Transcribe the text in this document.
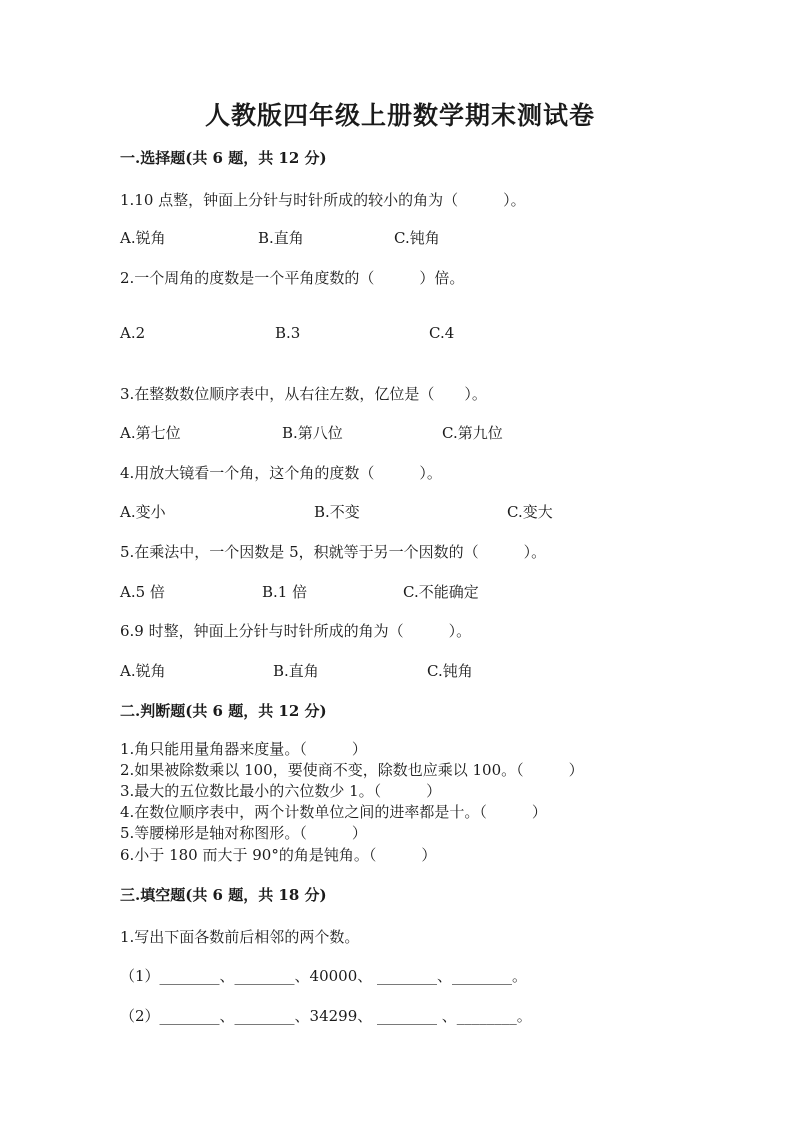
人教版四年级上册数学期末测试卷
一.选择题(共 6 题，共 12 分)
1.10 点整，钟面上分针与时针所成的较小的角为（　　　）。
A.锐角	B.直角	C.钝角
2.一个周角的度数是一个平角度数的（　　　）倍。
A.2	B.3	C.4
3.在整数数位顺序表中，从右往左数，亿位是（　　）。
A.第七位	B.第八位	C.第九位
4.用放大镜看一个角，这个角的度数（　　　）。
A.变小	B.不变	C.变大
5.在乘法中，一个因数是 5，积就等于另一个因数的（　　　）。
A.5 倍	B.1 倍	C.不能确定
6.9 时整，钟面上分针与时针所成的角为（　　　）。
A.锐角	B.直角	C.钝角
二.判断题(共 6 题，共 12 分)
1.角只能用量角器来度量。（　　　）
2.如果被除数乘以 100，要使商不变，除数也应乘以 100。（　　　）
3.最大的五位数比最小的六位数少 1。（　　　）
4.在数位顺序表中，两个计数单位之间的进率都是十。（　　　）
5.等腰梯形是轴对称图形。（　　　）
6.小于 180 而大于 90°的角是钝角。（　　　）
三.填空题(共 6 题，共 18 分)
1.写出下面各数前后相邻的两个数。
（1）________、________、40000、 ________、________。
（2）________、________、34299、 ________ 、________。
